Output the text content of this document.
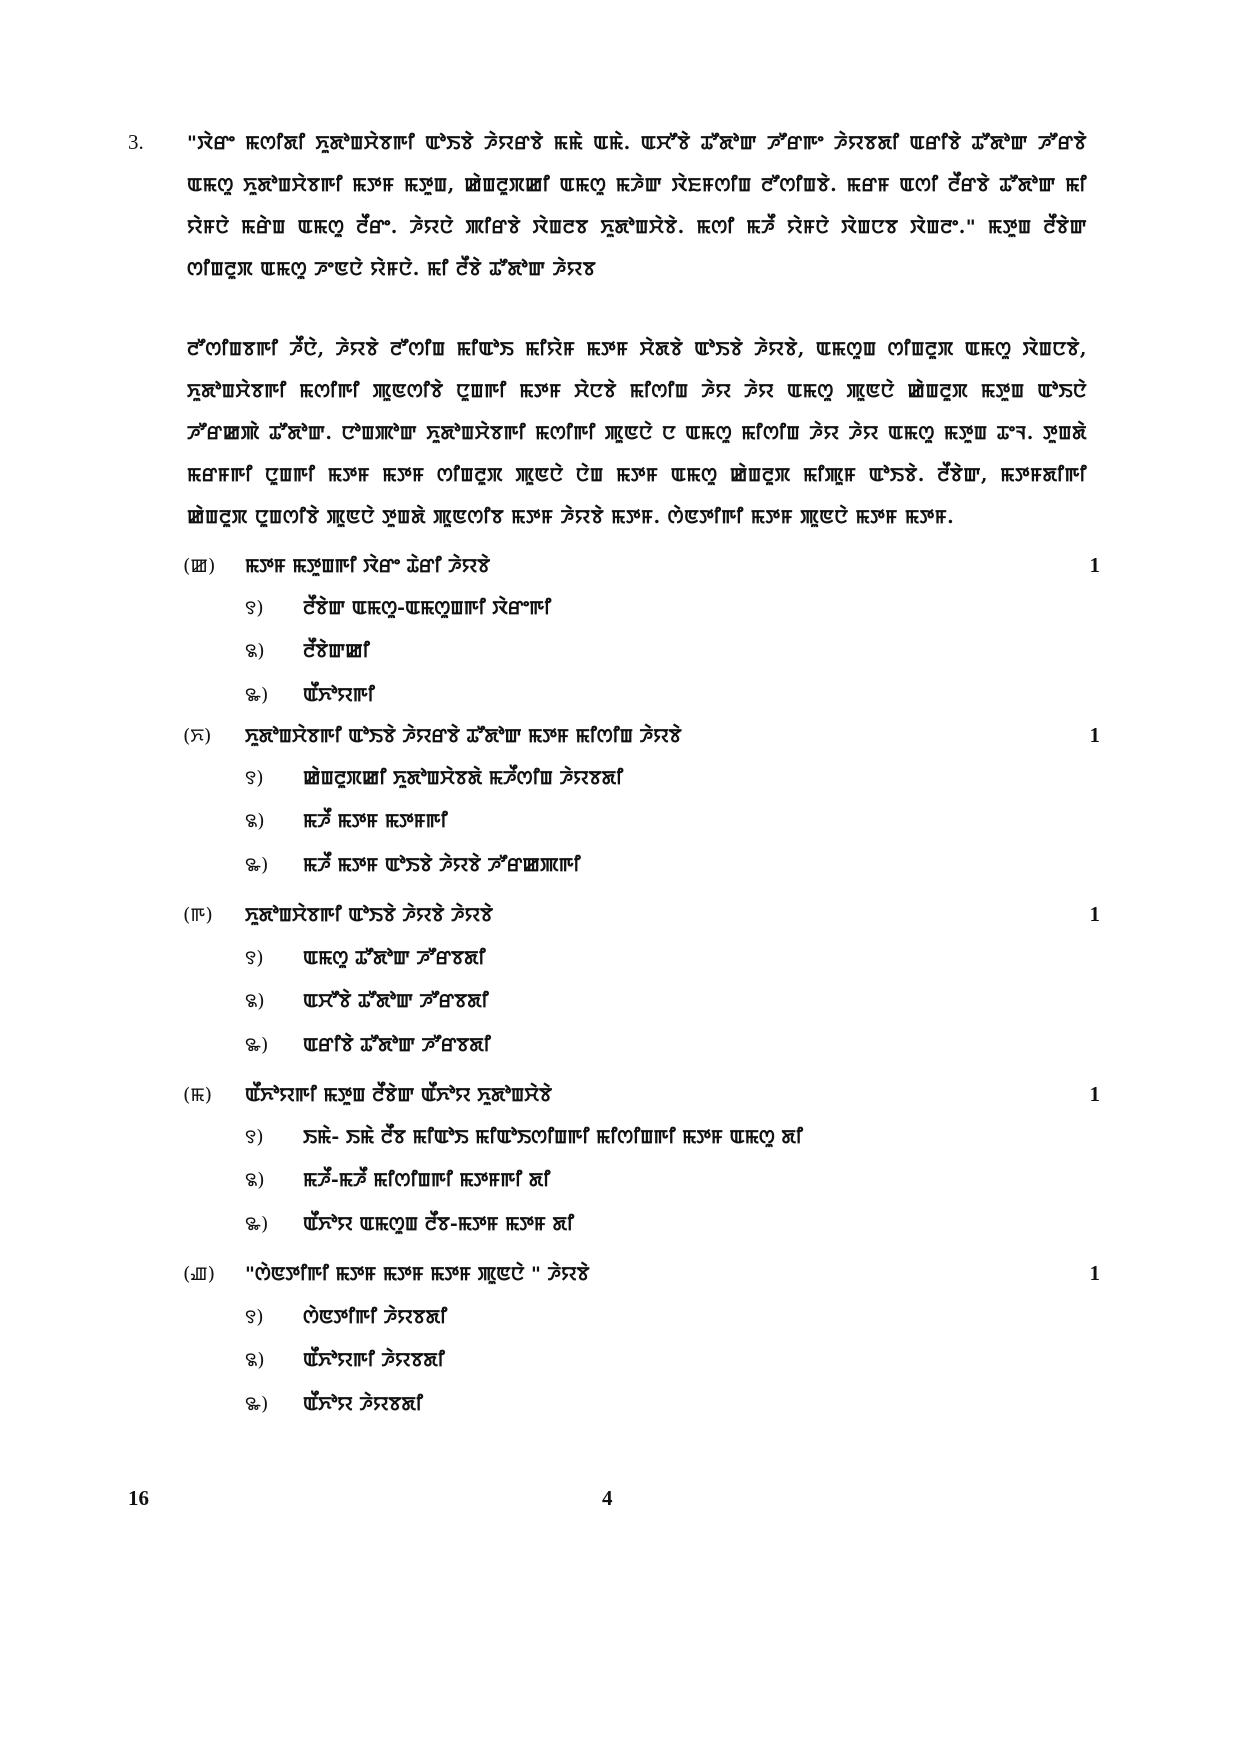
3. "ꯋꯥꯔꯦ ꯃꯁꯤꯗꯤ ꯈꯨꯗꯣꯡꯆꯥꯕꯒꯤ ꯑꯣꯏꯕꯥ ꯍꯥꯌꯔꯕꯥ ꯃꯃꯥ ꯑꯃꯥ. ꯑꯆꯧꯕꯥ ꯊꯧꯗꯣꯛ ꯍꯧꯔꯒꯦ ꯍꯥꯌꯕꯗꯤ ꯑꯔꯤꯕꯥ ꯊꯧꯗꯣꯛ ꯍꯧꯔꯕꯥ ꯑꯃꯁꯨ ꯈꯨꯗꯣꯡꯆꯥꯕꯒꯤ ꯃꯇꯝ ꯃꯇꯨꯡ, ꯀꯥꯡꯂꯨꯞꯀꯤ ꯑꯃꯁꯨ ꯃꯍꯥꯛ ꯋꯥꯐꯝꯁꯤꯡ ꯂꯧꯁꯤꯡꯕꯥ. ꯃꯔꯝ ꯑꯁꯤ ꯂꯩꯔꯕꯥ ꯊꯧꯗꯣꯛ ꯃꯤ ꯌꯥꯝꯅꯥ ꯃꯔꯥꯡ ꯑꯃꯁꯨ ꯂꯩꯔꯦ. ꯍꯥꯌꯅꯥ ꯄꯤꯔꯕꯥ ꯋꯥꯡꯂꯕ ꯈꯨꯗꯣꯡꯆꯥꯕꯥ. ꯃꯁꯤ ꯃꯍꯩ ꯌꯥꯝꯅꯥ ꯋꯥꯡꯅꯕ ꯋꯥꯡꯂꯦ." ꯃꯇꯨꯡ ꯂꯩꯕꯥꯛ ꯁꯤꯡꯂꯨꯞ ꯑꯃꯁꯨ ꯍꯦꯟꯅꯥ ꯌꯥꯝꯅꯥ. ꯃꯤ ꯂꯩꯕꯥ ꯊꯧꯗꯣꯛ ꯍꯥꯌꯕ
ꯂꯧꯁꯤꯡꯕꯒꯤ ꯍꯩꯅꯥ, ꯍꯥꯌꯕꯥ ꯂꯧꯁꯤꯡ ꯃꯤꯑꯣꯏ ꯃꯤꯌꯥꯝ ꯃꯇꯝ ꯆꯥꯗꯕꯥ ꯑꯣꯏꯕꯥ ꯍꯥꯌꯕꯥ, ꯑꯃꯁꯨꯡ ꯁꯤꯡꯂꯨꯞ ꯑꯃꯁꯨ ꯋꯥꯡꯅꯕꯥ, ꯈꯨꯗꯣꯡꯆꯥꯕꯒꯤ ꯃꯁꯤꯒꯤ ꯄꯨꯟꯁꯤꯕꯥ ꯅꯨꯡꯒꯤ ꯃꯇꯝ ꯆꯥꯅꯕꯥ ꯃꯤꯁꯤꯡ ꯍꯥꯌ ꯍꯥꯌ ꯑꯃꯁꯨ ꯄꯨꯟꯅꯥ ꯀꯥꯡꯂꯨꯞ ꯃꯇꯨꯡ ꯑꯣꯏꯅꯥ ꯍꯧꯔꯀꯄꯥ ꯊꯧꯗꯣꯛ. ꯅꯣꯡꯄꯣꯛ ꯈꯨꯗꯣꯡꯆꯥꯕꯒꯤ ꯃꯁꯤꯒꯤ ꯄꯨꯟꯅꯥ ꯅ ꯑꯃꯁꯨ ꯃꯤꯁꯤꯡ ꯍꯥꯌ ꯍꯥꯌ ꯑꯃꯁꯨ ꯃꯇꯨꯡ ꯊꯦꯜ. ꯇꯨꯡꯗꯥ ꯃꯔꯝꯒꯤ ꯅꯨꯡꯒꯤ ꯃꯇꯝ ꯃꯇꯝ ꯁꯤꯡꯂꯨꯞ ꯄꯨꯟꯅꯥ ꯅꯥꯡ ꯃꯇꯝ ꯑꯃꯁꯨ ꯀꯥꯡꯂꯨꯞ ꯃꯤꯄꯨꯝ ꯑꯣꯏꯕꯥ. ꯂꯩꯕꯥꯛ, ꯃꯇꯝꯗꯤꯒꯤ ꯀꯥꯡꯂꯨꯞ ꯅꯨꯡꯁꯤꯕꯥ ꯄꯨꯟꯅꯥ ꯇꯨꯡꯗꯥ ꯄꯨꯟꯁꯤꯕ ꯃꯇꯝ ꯍꯥꯌꯕꯥ ꯃꯇꯝ. ꯁꯥꯟꯇꯤꯒꯤ ꯃꯇꯝ ꯄꯨꯟꯅꯥ ꯃꯇꯝ ꯃꯇꯝ.
(ꯀ) ꯃꯇꯝ ꯃꯇꯨꯡꯒꯤ ꯋꯥꯔꯦ ꯊꯥꯔꯤ ꯍꯥꯌꯕꯥ	1
꯱) ꯂꯩꯕꯥꯛ ꯑꯃꯁꯨ-ꯑꯃꯁꯨꯡꯒꯤ ꯋꯥꯔꯦꯒꯤ
꯲) ꯂꯩꯕꯥꯛꯀꯤ
꯳) ꯑꯩꯈꯣꯌꯒꯤ
(ꯈ) ꯈꯨꯗꯣꯡꯆꯥꯕꯒꯤ ꯑꯣꯏꯕꯥ ꯍꯥꯌꯔꯕꯥ ꯊꯧꯗꯣꯛ ꯃꯇꯝ ꯃꯤꯁꯤꯡ ꯍꯥꯌꯕꯥ	1
꯱) ꯀꯥꯡꯂꯨꯞꯀꯤ ꯈꯨꯗꯣꯡꯆꯥꯕꯗꯥ ꯃꯍꯩꯁꯤꯡ ꯍꯥꯌꯕꯗꯤ
꯲) ꯃꯍꯩ ꯃꯇꯝ ꯃꯇꯝꯒꯤ
꯳) ꯃꯍꯩ ꯃꯇꯝ ꯑꯣꯏꯕꯥ ꯍꯥꯌꯕꯥ ꯍꯧꯔꯀꯄꯒꯤ
(ꯒ) ꯈꯨꯗꯣꯡꯆꯥꯕꯒꯤ ꯑꯣꯏꯕꯥ ꯍꯥꯌꯕꯥ ꯍꯥꯌꯕꯥ	1
꯱) ꯑꯃꯁꯨ ꯊꯧꯗꯣꯛ ꯍꯧꯔꯕꯗꯤ
꯲) ꯑꯆꯧꯕꯥ ꯊꯧꯗꯣꯛ ꯍꯧꯔꯕꯗꯤ
꯳) ꯑꯔꯤꯕꯥ ꯊꯧꯗꯣꯛ ꯍꯧꯔꯕꯗꯤ
(ꯃ) ꯑꯩꯈꯣꯌꯒꯤ ꯃꯇꯨꯡ ꯂꯩꯕꯥꯛ ꯑꯩꯈꯣꯌ ꯈꯨꯗꯣꯡꯆꯥꯕꯥ	1
꯱) ꯏꯃꯥ- ꯏꯃꯥ ꯂꯩꯕ ꯃꯤꯑꯣꯏ ꯃꯤꯑꯣꯏꯁꯤꯡꯒꯤ ꯃꯤꯁꯤꯡꯒꯤ ꯃꯇꯝ ꯑꯃꯁꯨ ꯗꯤ
꯲) ꯃꯍꯩ-ꯃꯍꯩ ꯃꯤꯁꯤꯡꯒꯤ ꯃꯇꯝꯒꯤ ꯗꯤ
꯳) ꯑꯩꯈꯣꯌ ꯑꯃꯁꯨꯡ ꯂꯩꯕ-ꯃꯇꯝ ꯃꯇꯝ ꯗꯤ
(ꯉ) "ꯁꯥꯟꯇꯤꯒꯤ ꯃꯇꯝ ꯃꯇꯝ ꯃꯇꯝ ꯄꯨꯟꯅꯥ " ꯍꯥꯌꯕꯥ	1
꯱) ꯁꯥꯟꯇꯤꯒꯤ ꯍꯥꯌꯕꯗꯤ
꯲) ꯑꯩꯈꯣꯌꯒꯤ ꯍꯥꯌꯕꯗꯤ
꯳) ꯑꯩꯈꯣꯌ ꯍꯥꯌꯕꯗꯤ
16	4
